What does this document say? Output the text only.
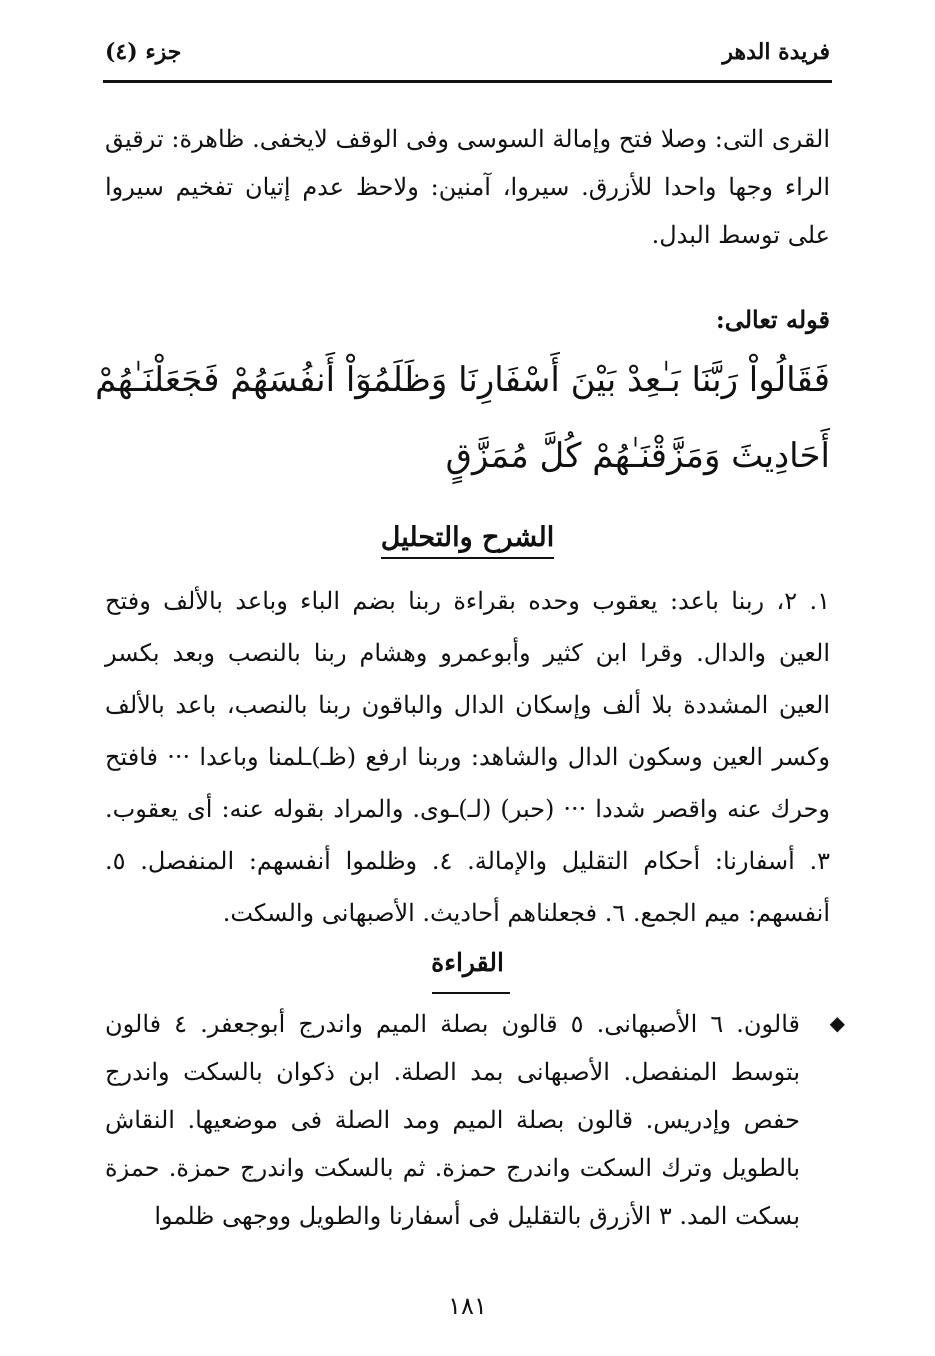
فريدة الدهر
جزء (٤)
القرى التى: وصلا فتح وإمالة السوسى وفى الوقف لايخفى. ظاهرة: ترقيق الراء وجها واحدا للأزرق. سيروا، آمنين: ولاحظ عدم إتيان تفخيم سيروا على توسط البدل.
قوله تعالى:
فَقَالُواْ رَبَّنَا بَـٰعِدْ بَيْنَ أَسْفَارِنَا وَظَلَمُوٓاْ أَنفُسَهُمْ فَجَعَلْنَـٰهُمْ أَحَادِيثَ وَمَزَّقْنَـٰهُمْ كُلَّ مُمَزَّقٍ
الشرح والتحليل
١. ٢، ربنا باعد: يعقوب وحده بقراءة ربنا بضم الباء وباعد بالألف وفتح العين والدال. وقرا ابن كثير وأبوعمرو وهشام ربنا بالنصب وبعد بكسر العين المشددة بلا ألف وإسكان الدال والباقون ربنا بالنصب، باعد بالألف وكسر العين وسكون الدال والشاهد: وربنا ارفع (ظـ)ـلمنا وباعدا ··· فافتح وحرك عنه واقصر شددا ··· (حبر) (لـ)ـوى. والمراد بقوله عنه: أى يعقوب. ٣. أسفارنا: أحكام التقليل والإمالة. ٤. وظلموا أنفسهم: المنفصل. ٥. أنفسهم: ميم الجمع. ٦. فجعلناهم أحاديث. الأصبهانى والسكت.
القراءة
◆
قالون. ٦ الأصبهانى. ٥ قالون بصلة الميم واندرج أبوجعفر. ٤ فالون بتوسط المنفصل. الأصبهانى بمد الصلة. ابن ذكوان بالسكت واندرج حفص وإدريس. قالون بصلة الميم ومد الصلة فى موضعيها. النقاش بالطويل وترك السكت واندرج حمزة. ثم بالسكت واندرج حمزة. حمزة بسكت المد. ٣ الأزرق بالتقليل فى أسفارنا والطويل ووجهى ظلموا
١٨١
